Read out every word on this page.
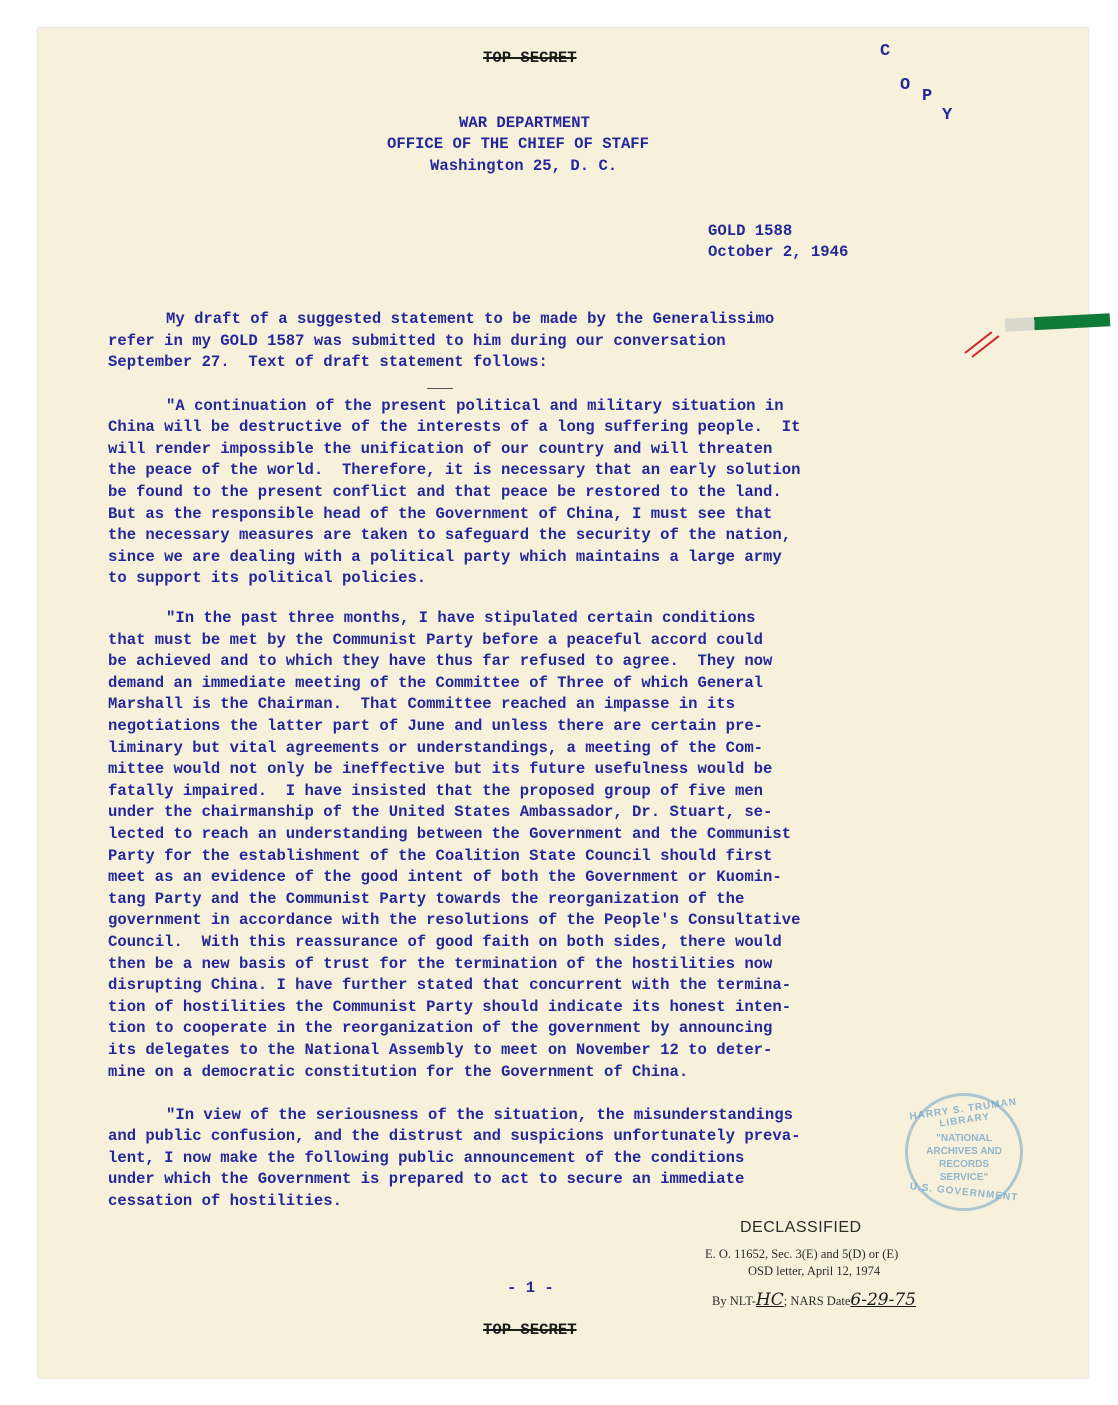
TOP SECRET	C
O
P
Y
WAR DEPARTMENT
OFFICE OF THE CHIEF OF STAFF
Washington 25, D. C.
GOLD 1588
October 2, 1946
My draft of a suggested statement to be made by the Generalissimo
refer in my GOLD 1587 was submitted to him during our conversation
September 27.  Text of draft statement follows:
"A continuation of the present political and military situation in
China will be destructive of the interests of a long suffering people.  It
will render impossible the unification of our country and will threaten
the peace of the world.  Therefore, it is necessary that an early solution
be found to the present conflict and that peace be restored to the land.
But as the responsible head of the Government of China, I must see that
the necessary measures are taken to safeguard the security of the nation,
since we are dealing with a political party which maintains a large army
to support its political policies.
"In the past three months, I have stipulated certain conditions
that must be met by the Communist Party before a peaceful accord could
be achieved and to which they have thus far refused to agree.  They now
demand an immediate meeting of the Committee of Three of which General
Marshall is the Chairman.  That Committee reached an impasse in its
negotiations the latter part of June and unless there are certain pre-
liminary but vital agreements or understandings, a meeting of the Com-
mittee would not only be ineffective but its future usefulness would be
fatally impaired.  I have insisted that the proposed group of five men
under the chairmanship of the United States Ambassador, Dr. Stuart, se-
lected to reach an understanding between the Government and the Communist
Party for the establishment of the Coalition State Council should first
meet as an evidence of the good intent of both the Government or Kuomin-
tang Party and the Communist Party towards the reorganization of the
government in accordance with the resolutions of the People's Consultative
Council.  With this reassurance of good faith on both sides, there would
then be a new basis of trust for the termination of the hostilities now
disrupting China. I have further stated that concurrent with the termina-
tion of hostilities the Communist Party should indicate its honest inten-
tion to cooperate in the reorganization of the government by announcing
its delegates to the National Assembly to meet on November 12 to deter-
mine on a democratic constitution for the Government of China.
"In view of the seriousness of the situation, the misunderstandings
and public confusion, and the distrust and suspicions unfortunately preva-
lent, I now make the following public announcement of the conditions
under which the Government is prepared to act to secure an immediate
cessation of hostilities.
HARRY S. TRUMAN LIBRARY
"NATIONAL
ARCHIVES AND
RECORDS
SERVICE"
U.S. GOVERNMENT
DECLASSIFIED
E. O. 11652, Sec. 3(E) and 5(D) or (E)
OSD letter, April 12, 1974
By NLT-HC; NARS Date6-29-75
- 1 -
TOP SECRET
